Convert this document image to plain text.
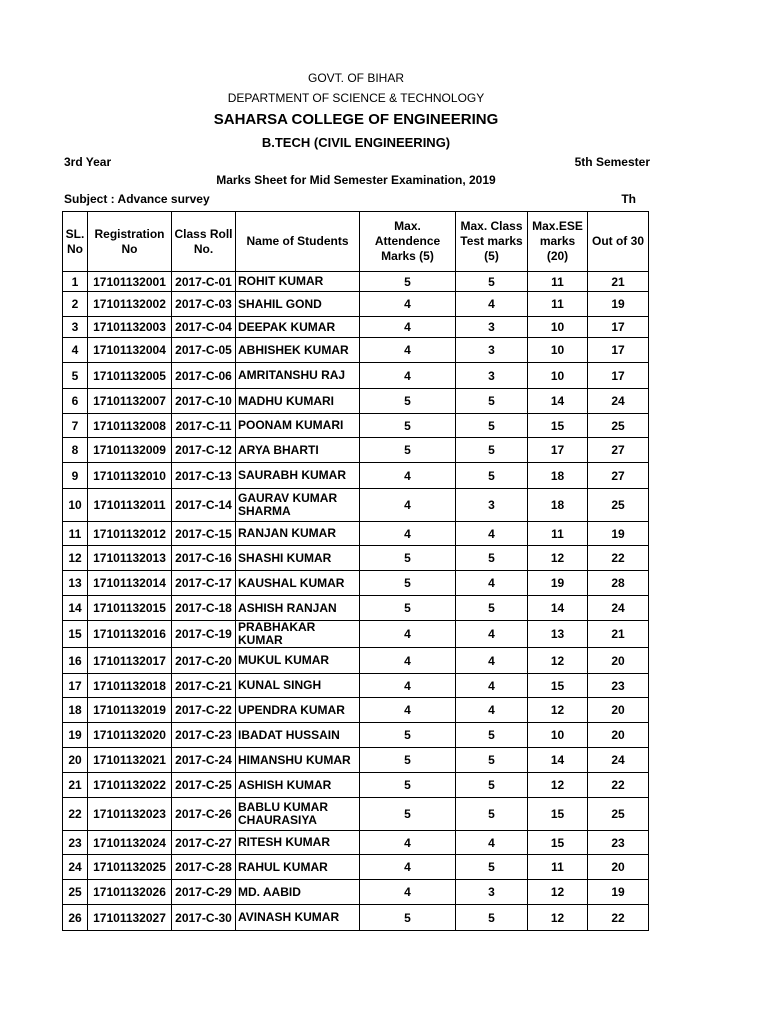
GOVT. OF BIHAR
DEPARTMENT OF SCIENCE & TECHNOLOGY
SAHARSA COLLEGE OF ENGINEERING
B.TECH (CIVIL ENGINEERING)
3rd Year	5th Semester
Marks Sheet for Mid Semester Examination, 2019
Subject : Advance survey	Th
SL. No	Registration No	Class Roll No.	Name of Students	Max. Attendence Marks (5)	Max. Class Test marks (5)	Max.ESE marks (20)	Out of 30
1	17101132001	2017-C-01	ROHIT KUMAR	5	5	11	21
2	17101132002	2017-C-03	SHAHIL GOND	4	4	11	19
3	17101132003	2017-C-04	DEEPAK KUMAR	4	3	10	17
4	17101132004	2017-C-05	ABHISHEK KUMAR	4	3	10	17
5	17101132005	2017-C-06	AMRITANSHU RAJ	4	3	10	17
6	17101132007	2017-C-10	MADHU KUMARI	5	5	14	24
7	17101132008	2017-C-11	POONAM KUMARI	5	5	15	25
8	17101132009	2017-C-12	ARYA BHARTI	5	5	17	27
9	17101132010	2017-C-13	SAURABH KUMAR	4	5	18	27
10	17101132011	2017-C-14	GAURAV KUMAR SHARMA	4	3	18	25
11	17101132012	2017-C-15	RANJAN KUMAR	4	4	11	19
12	17101132013	2017-C-16	SHASHI KUMAR	5	5	12	22
13	17101132014	2017-C-17	KAUSHAL KUMAR	5	4	19	28
14	17101132015	2017-C-18	ASHISH RANJAN	5	5	14	24
15	17101132016	2017-C-19	PRABHAKAR KUMAR	4	4	13	21
16	17101132017	2017-C-20	MUKUL KUMAR	4	4	12	20
17	17101132018	2017-C-21	KUNAL SINGH	4	4	15	23
18	17101132019	2017-C-22	UPENDRA KUMAR	4	4	12	20
19	17101132020	2017-C-23	IBADAT HUSSAIN	5	5	10	20
20	17101132021	2017-C-24	HIMANSHU KUMAR	5	5	14	24
21	17101132022	2017-C-25	ASHISH KUMAR	5	5	12	22
22	17101132023	2017-C-26	BABLU KUMAR CHAURASIYA	5	5	15	25
23	17101132024	2017-C-27	RITESH KUMAR	4	4	15	23
24	17101132025	2017-C-28	RAHUL KUMAR	4	5	11	20
25	17101132026	2017-C-29	MD. AABID	4	3	12	19
26	17101132027	2017-C-30	AVINASH KUMAR	5	5	12	22
